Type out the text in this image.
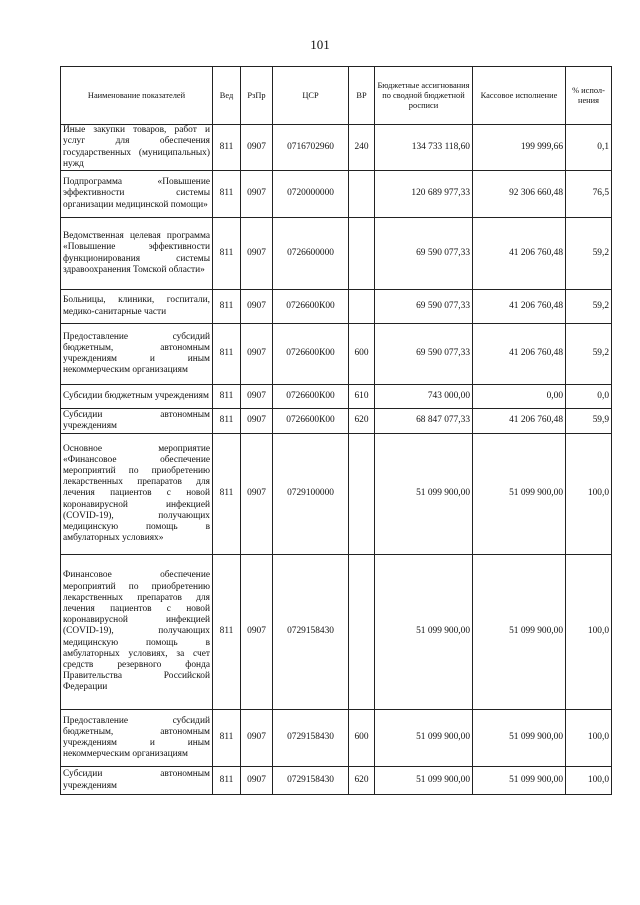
101
Наименование показателей	Вед	РзПр	ЦСР	ВР	Бюджетные ассигнования по сводной бюджетной росписи	Кассовое исполнение	% испол-нения
Иные закупки товаров, работ и услуг для обеспечения государственных (муниципальных) нужд	811	0907	0716702960	240	134 733 118,60	199 999,66	0,1
Подпрограмма «Повышение эффективности системы организации медицинской помощи»	811	0907	0720000000		120 689 977,33	92 306 660,48	76,5
Ведомственная целевая программа «Повышение эффективности функционирования системы здравоохранения Томской области»	811	0907	0726600000		69 590 077,33	41 206 760,48	59,2
Больницы, клиники, госпитали, медико-санитарные части	811	0907	0726600К00		69 590 077,33	41 206 760,48	59,2
Предоставление субсидий бюджетным, автономным учреждениям и иным некоммерческим организациям	811	0907	0726600К00	600	69 590 077,33	41 206 760,48	59,2
Субсидии бюджетным учреждениям	811	0907	0726600К00	610	743 000,00	0,00	0,0
Субсидии автономным учреждениям	811	0907	0726600К00	620	68 847 077,33	41 206 760,48	59,9
Основное мероприятие «Финансовое обеспечение мероприятий по приобретению лекарственных препаратов для лечения пациентов с новой коронавирусной инфекцией (COVID-19), получающих медицинскую помощь в амбулаторных условиях»	811	0907	0729100000		51 099 900,00	51 099 900,00	100,0
Финансовое обеспечение мероприятий по приобретению лекарственных препаратов для лечения пациентов с новой коронавирусной инфекцией (COVID-19), получающих медицинскую помощь в амбулаторных условиях, за счет средств резервного фонда Правительства Российской Федерации	811	0907	0729158430		51 099 900,00	51 099 900,00	100,0
Предоставление субсидий бюджетным, автономным учреждениям и иным некоммерческим организациям	811	0907	0729158430	600	51 099 900,00	51 099 900,00	100,0
Субсидии автономным учреждениям	811	0907	0729158430	620	51 099 900,00	51 099 900,00	100,0
